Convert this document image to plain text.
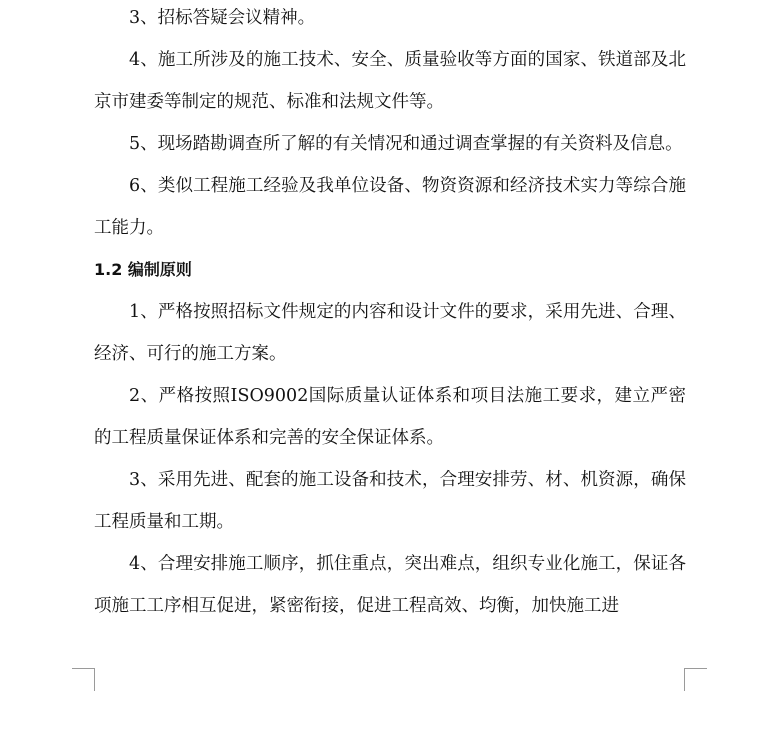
3、招标答疑会议精神。

4、施工所涉及的施工技术、安全、质量验收等方面的国家、铁道部及北京市建委等制定的规范、标准和法规文件等。

5、现场踏勘调查所了解的有关情况和通过调查掌握的有关资料及信息。

6、类似工程施工经验及我单位设备、物资资源和经济技术实力等综合施工能力。

1.2 编制原则

1、严格按照招标文件规定的内容和设计文件的要求，采用先进、合理、经济、可行的施工方案。

2、严格按照ISO9002国际质量认证体系和项目法施工要求，建立严密的工程质量保证体系和完善的安全保证体系。

3、采用先进、配套的施工设备和技术，合理安排劳、材、机资源，确保工程质量和工期。

4、合理安排施工顺序，抓住重点，突出难点，组织专业化施工，保证各项施工工序相互促进，紧密衔接，促进工程高效、均衡，加快施工进
